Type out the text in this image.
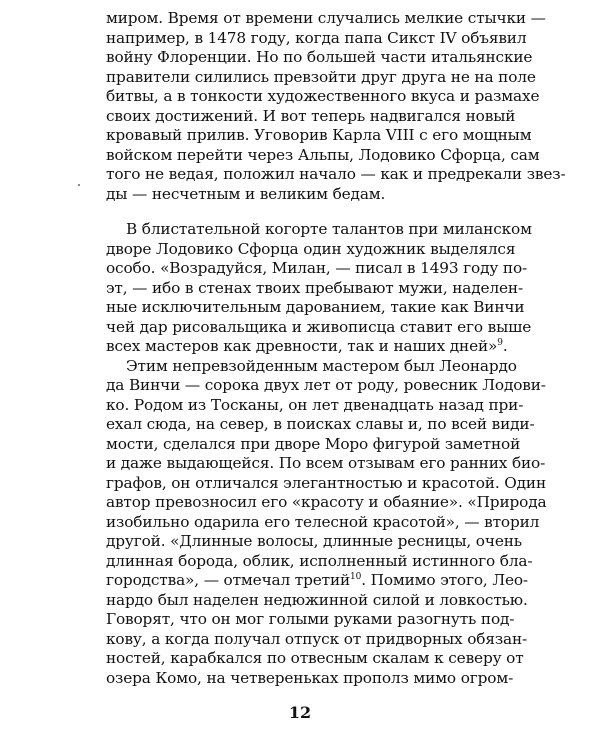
миром. Время от времени случались мелкие стычки —
например, в 1478 году, когда папа Сикст IV объявил
войну Флоренции. Но по большей части итальянские
правители силились превзойти друг друга не на поле
битвы, а в тонкости художественного вкуса и размахе
своих достижений. И вот теперь надвигался новый
кровавый прилив. Уговорив Карла VIII с его мощным
войском перейти через Альпы, Лодовико Сфорца, сам
того не ведая, положил начало — как и предрекали звез-
ды — несчетным и великим бедам.
В блистательной когорте талантов при миланском
дворе Лодовико Сфорца один художник выделялся
особо. «Возрадуйся, Милан, — писал в 1493 году по-
эт, — ибо в стенах твоих пребывают мужи, наделен-
ные исключительным дарованием, такие как Винчи
чей дар рисовальщика и живописца ставит его выше
всех мастеров как древности, так и наших дней»$^9$.
Этим непревзойденным мастером был Леонардо
да Винчи — сорока двух лет от роду, ровесник Лодови-
ко. Родом из Тосканы, он лет двенадцать назад при-
ехал сюда, на север, в поисках славы и, по всей види-
мости, сделался при дворе Моро фигурой заметной
и даже выдающейся. По всем отзывам его ранних био-
графов, он отличался элегантностью и красотой. Один
автор превозносил его «красоту и обаяние». «Природа
изобильно одарила его телесной красотой», — вторил
другой. «Длинные волосы, длинные ресницы, очень
длинная борода, облик, исполненный истинного бла-
городства», — отмечал третий$^{10}$. Помимо этого, Лео-
нардо был наделен недюжинной силой и ловкостью.
Говорят, что он мог голыми руками разогнуть под-
кову, а когда получал отпуск от придворных обязан-
ностей, карабкался по отвесным скалам к северу от
озера Комо, на четвереньках прополз мимо огром-
12
